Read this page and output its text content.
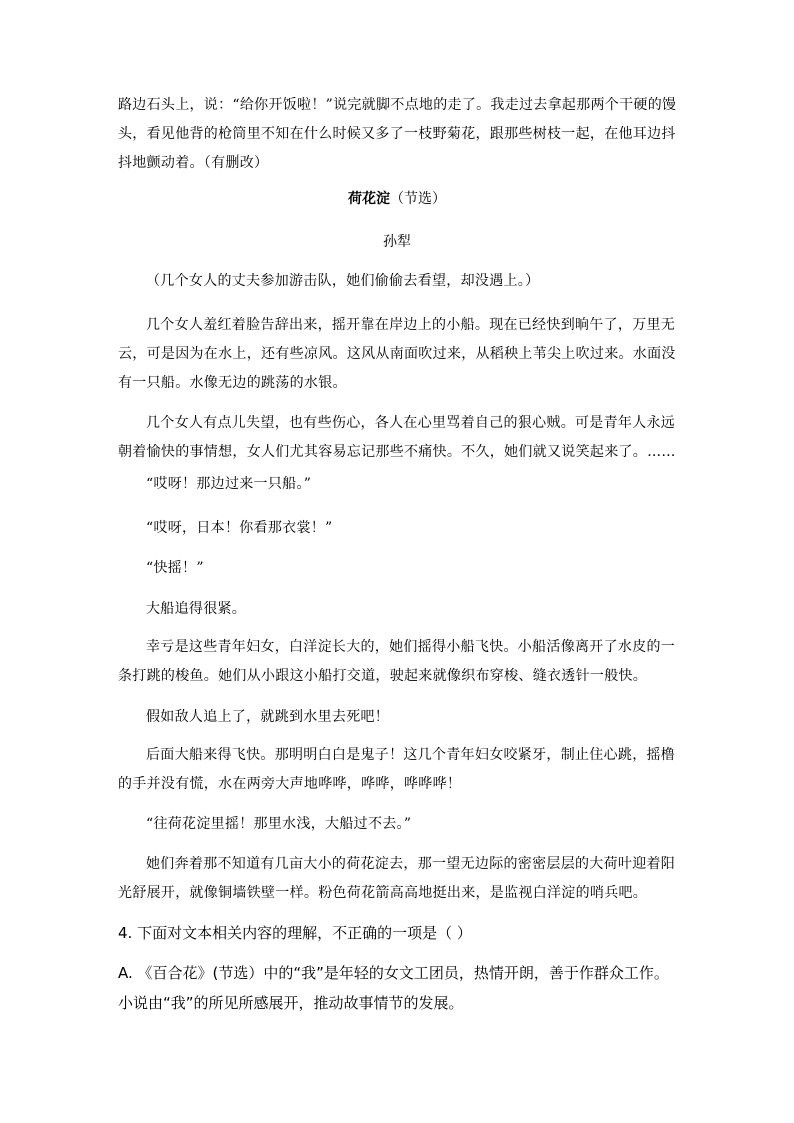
路边石头上，说：“给你开饭啦！”说完就脚不点地的走了。我走过去拿起那两个干硬的馒头，看见他背的枪筒里不知在什么时候又多了一枝野菊花，跟那些树枝一起，在他耳边抖抖地颤动着。（有删改）

荷花淀（节选）

孙犁

（几个女人的丈夫参加游击队，她们偷偷去看望，却没遇上。）

几个女人羞红着脸告辞出来，摇开靠在岸边上的小船。现在已经快到晌午了，万里无云，可是因为在水上，还有些凉风。这风从南面吹过来，从稻秧上苇尖上吹过来。水面没有一只船。水像无边的跳荡的水银。

几个女人有点儿失望，也有些伤心，各人在心里骂着自己的狠心贼。可是青年人永远朝着愉快的事情想，女人们尤其容易忘记那些不痛快。不久，她们就又说笑起来了。……

“哎呀！那边过来一只船。”

“哎呀，日本！你看那衣裳！”

“快摇！”

大船追得很紧。

幸亏是这些青年妇女，白洋淀长大的，她们摇得小船飞快。小船活像离开了水皮的一条打跳的梭鱼。她们从小跟这小船打交道，驶起来就像织布穿梭、缝衣透针一般快。

假如敌人追上了，就跳到水里去死吧！

后面大船来得飞快。那明明白白是鬼子！这几个青年妇女咬紧牙，制止住心跳，摇橹的手并没有慌，水在两旁大声地哗哗，哗哗，哗哗哗！

“往荷花淀里摇！那里水浅，大船过不去。”

她们奔着那不知道有几亩大小的荷花淀去，那一望无边际的密密层层的大荷叶迎着阳光舒展开，就像铜墙铁壁一样。粉色荷花箭高高地挺出来，是监视白洋淀的哨兵吧。

4. 下面对文本相关内容的理解，不正确的一项是（ ）

A. 《百合花》(节选）中的“我”是年轻的女文工团员，热情开朗，善于作群众工作。小说由“我”的所见所感展开，推动故事情节的发展。
